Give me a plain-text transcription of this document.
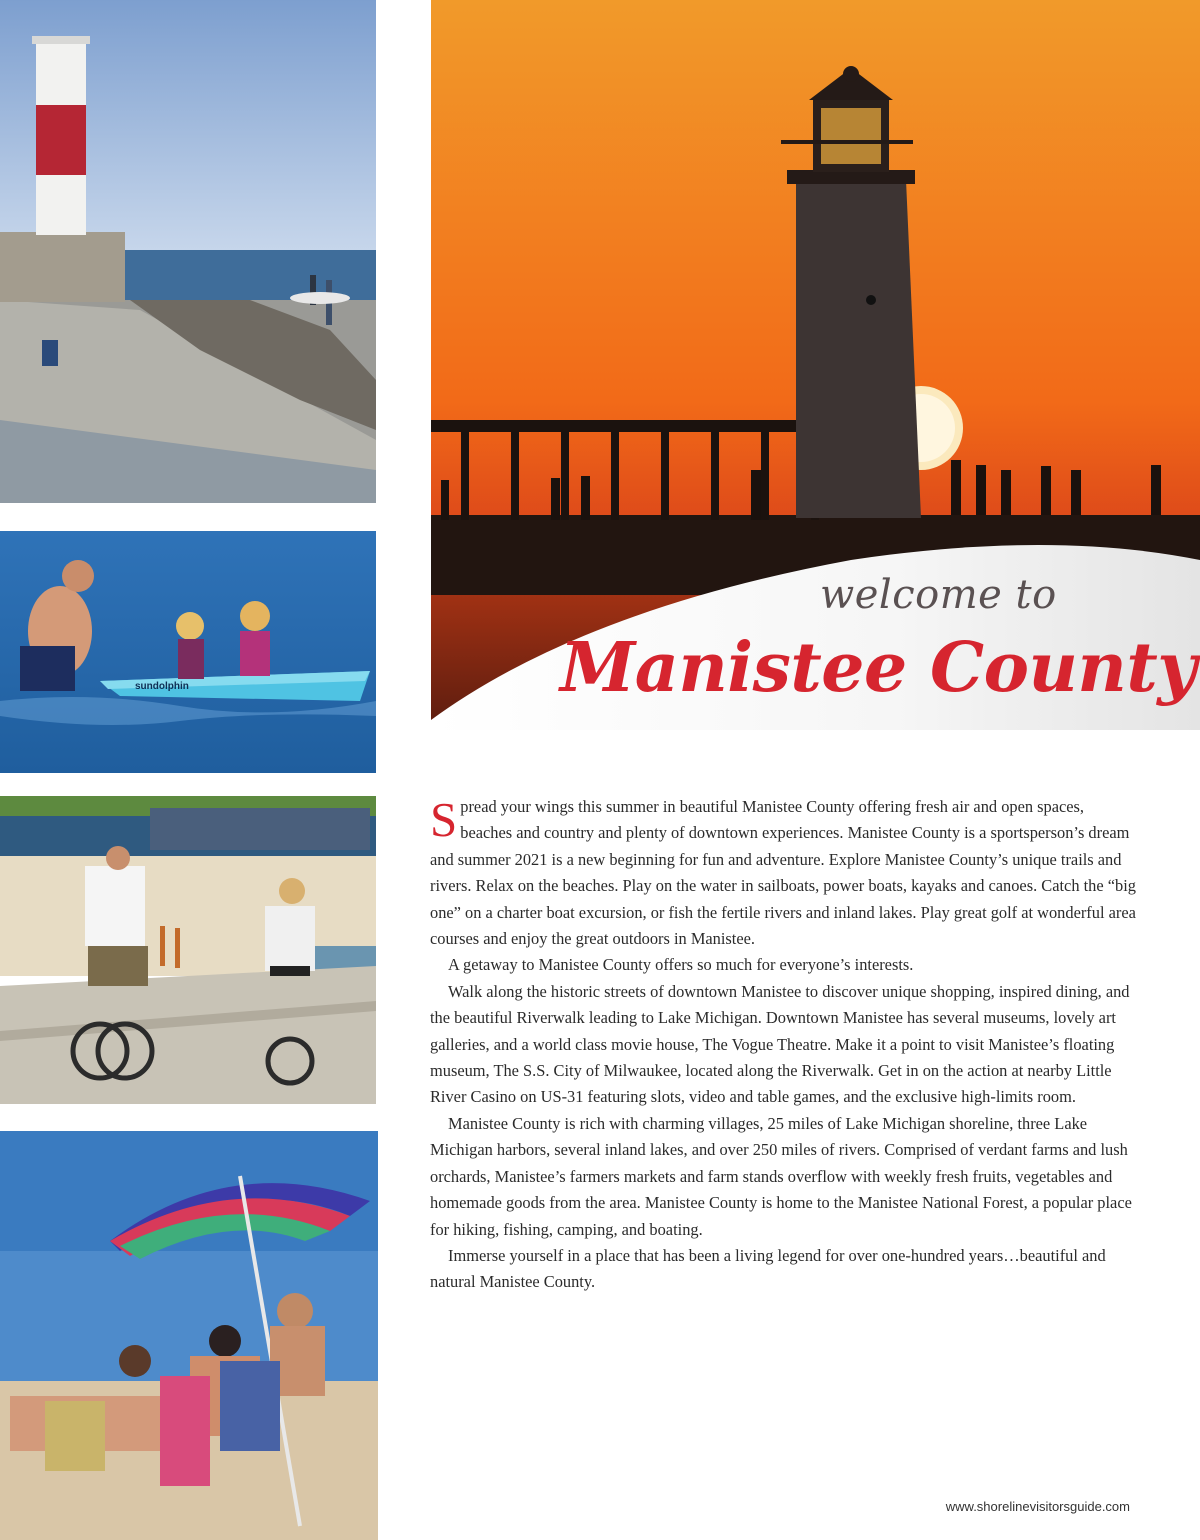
sundolphin
welcome to
Manistee County

Spread your wings this summer in beautiful Manistee County offering fresh air and open spaces, beaches and country and plenty of downtown experiences. Manistee County is a sportsperson’s dream and summer 2021 is a new beginning for fun and adventure. Explore Manistee County’s unique trails and rivers. Relax on the beaches. Play on the water in sailboats, power boats, kayaks and canoes. Catch the “big one” on a charter boat excursion, or fish the fertile rivers and inland lakes. Play great golf at wonderful area courses and enjoy the great outdoors in Manistee.

A getaway to Manistee County offers so much for everyone’s interests.

Walk along the historic streets of downtown Manistee to discover unique shopping, inspired dining, and the beautiful Riverwalk leading to Lake Michigan. Downtown Manistee has several museums, lovely art galleries, and a world class movie house, The Vogue Theatre. Make it a point to visit Manistee’s floating museum, The S.S. City of Milwaukee, located along the Riverwalk. Get in on the action at nearby Little River Casino on US-31 featuring slots, video and table games, and the exclusive high-limits room.

Manistee County is rich with charming villages, 25 miles of Lake Michigan shoreline, three Lake Michigan harbors, several inland lakes, and over 250 miles of rivers. Comprised of verdant farms and lush orchards, Manistee’s farmers markets and farm stands overflow with weekly fresh fruits, vegetables and homemade goods from the area. Manistee County is home to the Manistee National Forest, a popular place for hiking, fishing, camping, and boating.

Immerse yourself in a place that has been a living legend for over one-hundred years…beautiful and natural Manistee County.

www.shorelinevisitorsguide.com
